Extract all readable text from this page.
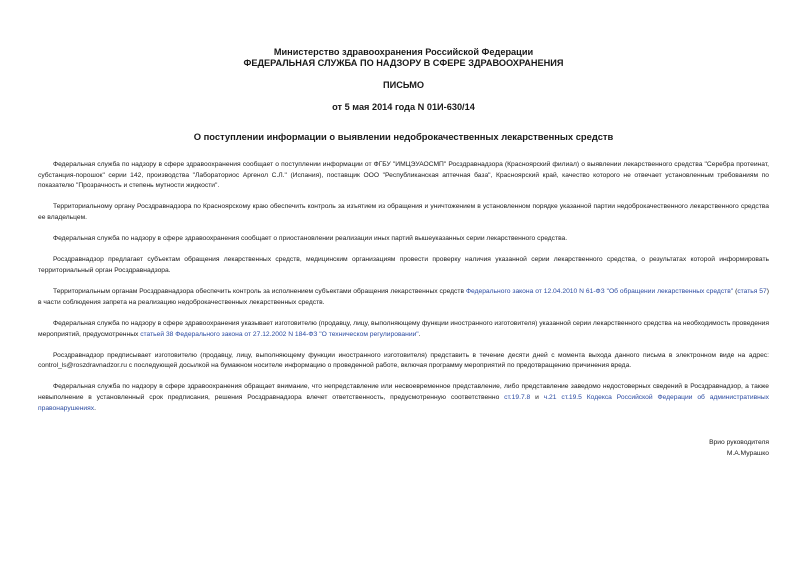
Министерство здравоохранения Российской Федерации
ФЕДЕРАЛЬНАЯ СЛУЖБА ПО НАДЗОРУ В СФЕРЕ ЗДРАВООХРАНЕНИЯ
ПИСЬМО
от 5 мая 2014 года N 01И-630/14
О поступлении информации о выявлении недоброкачественных лекарственных средств

Федеральная служба по надзору в сфере здравоохранения сообщает о поступлении информации от ФГБУ "ИМЦЭУАОСМП" Росздравнадзора (Красноярский филиал) о выявлении лекарственного средства "Серебра протеинат, субстанция-порошок" серии 142, производства "Лабораториос Аргенол С.Л." (Испания), поставщик ООО "Республиканская аптечная база", Красноярский край, качество которого не отвечает установленным требованиям по показателю "Прозрачность и степень мутности жидкости".

Территориальному органу Росздравнадзора по Красноярскому краю обеспечить контроль за изъятием из обращения и уничтожением в установленном порядке указанной партии недоброкачественного лекарственного средства ее владельцем.

Федеральная служба по надзору в сфере здравоохранения сообщает о приостановлении реализации иных партий вышеуказанных серии лекарственного средства.

Росздравнадзор предлагает субъектам обращения лекарственных средств, медицинским организациям провести проверку наличия указанной серии лекарственного средства, о результатах которой информировать территориальный орган Росздравнадзора.

Территориальным органам Росздравнадзора обеспечить контроль за исполнением субъектами обращения лекарственных средств Федерального закона от 12.04.2010 N 61-ФЗ "Об обращении лекарственных средств" (статья 57) в части соблюдения запрета на реализацию недоброкачественных лекарственных средств.

Федеральная служба по надзору в сфере здравоохранения указывает изготовителю (продавцу, лицу, выполняющему функции иностранного изготовителя) указанной серии лекарственного средства на необходимость проведения мероприятий, предусмотренных статьей 38 Федерального закона от 27.12.2002 N 184-ФЗ "О техническом регулировании".

Росздравнадзор предписывает изготовителю (продавцу, лицу, выполняющему функции иностранного изготовителя) представить в течение десяти дней с момента выхода данного письма в электронном виде на адрес: control_ls@roszdravnadzor.ru с последующей досылкой на бумажном носителе информацию о проведенной работе, включая программу мероприятий по предотвращению причинения вреда.

Федеральная служба по надзору в сфере здравоохранения обращает внимание, что непредставление или несвоевременное представление, либо представление заведомо недостоверных сведений в Росздравнадзор, а также невыполнение в установленный срок предписания, решения Росздравнадзора влечет ответственность, предусмотренную соответственно ст.19.7.8 и ч.21 ст.19.5 Кодекса Российской Федерации об административных правонарушениях.

Врио руководителя
М.А.Мурашко
